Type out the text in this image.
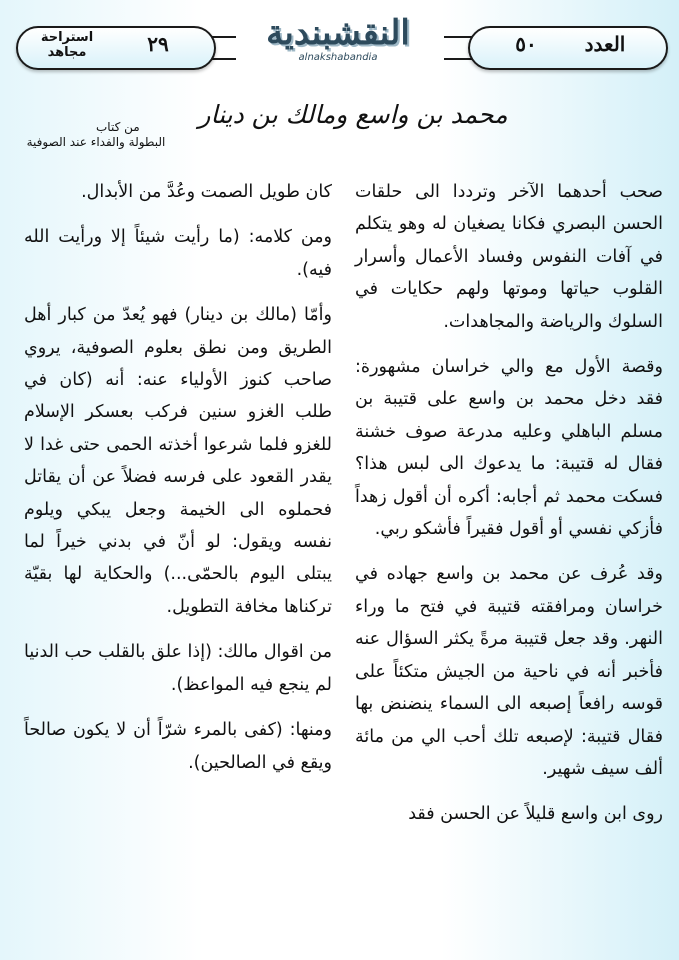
استراحة مجاهد	٢٩	النقشبندية
alnakshabandia
٥٠	العدد
محمد بن واسع ومالك بن دينار
من كتاب
البطولة والفداء عند الصوفية

صحب أحدهما الآخر وترددا الى حلقات الحسن البصري فكانا يصغيان له وهو يتكلم في آفات النفوس وفساد الأعمال وأسرار القلوب حياتها وموتها ولهم حكايات في السلوك والرياضة والمجاهدات.

وقصة الأول مع والي خراسان مشهورة: فقد دخل محمد بن واسع على قتيبة بن مسلم الباهلي وعليه مدرعة صوف خشنة فقال له قتيبة: ما يدعوك الى لبس هذا؟ فسكت محمد ثم أجابه: أكره أن أقول زهداً فأزكي نفسي أو أقول فقيراً فأشكو ربي.

وقد عُرف عن محمد بن واسع جهاده في خراسان ومرافقته قتيبة في فتح ما وراء النهر. وقد جعل قتيبة مرةً يكثر السؤال عنه فأخبر أنه في ناحية من الجيش متكئاً على قوسه رافعاً إصبعه الى السماء ينضنض بها فقال قتيبة: لإصبعه تلك أحب الي من مائة ألف سيف شهير.

روى ابن واسع قليلاً عن الحسن فقد

كان طويل الصمت وعُدَّ من الأبدال.

ومن كلامه: (ما رأيت شيئاً إلا ورأيت الله فيه).

وأمّا (مالك بن دينار) فهو يُعدّ من كبار أهل الطريق ومن نطق بعلوم الصوفية، يروي صاحب كنوز الأولياء عنه: أنه (كان في طلب الغزو سنين فركب بعسكر الإسلام للغزو فلما شرعوا أخذته الحمى حتى غدا لا يقدر القعود على فرسه فضلاً عن أن يقاتل فحملوه الى الخيمة وجعل يبكي ويلوم نفسه ويقول: لو أنّ في بدني خيراً لما يبتلى اليوم بالحمّى...) والحكاية لها بقيّة تركناها مخافة التطويل.

من اقوال مالك: (إذا علق بالقلب حب الدنيا لم ينجع فيه المواعظ).

ومنها: (كفى بالمرء شرّاً أن لا يكون صالحاً ويقع في الصالحين).
